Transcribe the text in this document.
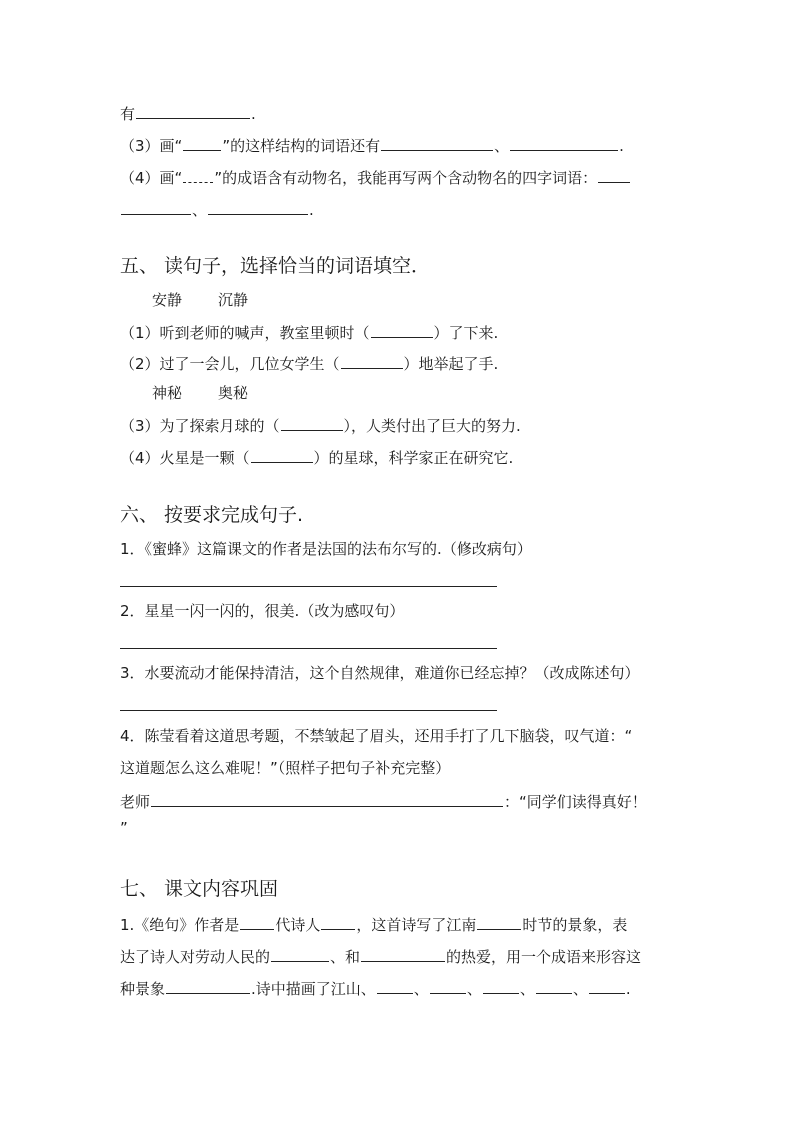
有	.
（3）画“	”的这样结构的词语还有	、	.
（4）画“ ”的成语含有动物名，我能再写两个含动物名的四字词语：
、	.
五、 读句子，选择恰当的词语填空．
安静 沉静
（1）听到老师的喊声，教室里顿时（	）了下来.
（2）过了一会儿，几位女学生（	）地举起了手.
神秘 奥秘
（3）为了探索月球的（	），人类付出了巨大的努力.
（4）火星是一颗（	）的星球，科学家正在研究它.
六、 按要求完成句子.
1．《蜜蜂》这篇课文的作者是法国的法布尔写的.（修改病句）
2．星星一闪一闪的，很美.（改为感叹句）
3．水要流动才能保持清洁，这个自然规律，难道你已经忘掉？（改成陈述句）
4．陈莹看着这道思考题，不禁皱起了眉头，还用手打了几下脑袋，叹气道：“
这道题怎么这么难呢！”（照样子把句子补充完整）
老师	：“同学们读得真好！
”
七、 课文内容巩固
1.《绝句》作者是 代诗人 ，这首诗写了江南	时节的景象，表
达了诗人对劳动人民的	、和	的热爱，用一个成语来形容这
种景象	.诗中描画了江山、	、	、	、	、	.
